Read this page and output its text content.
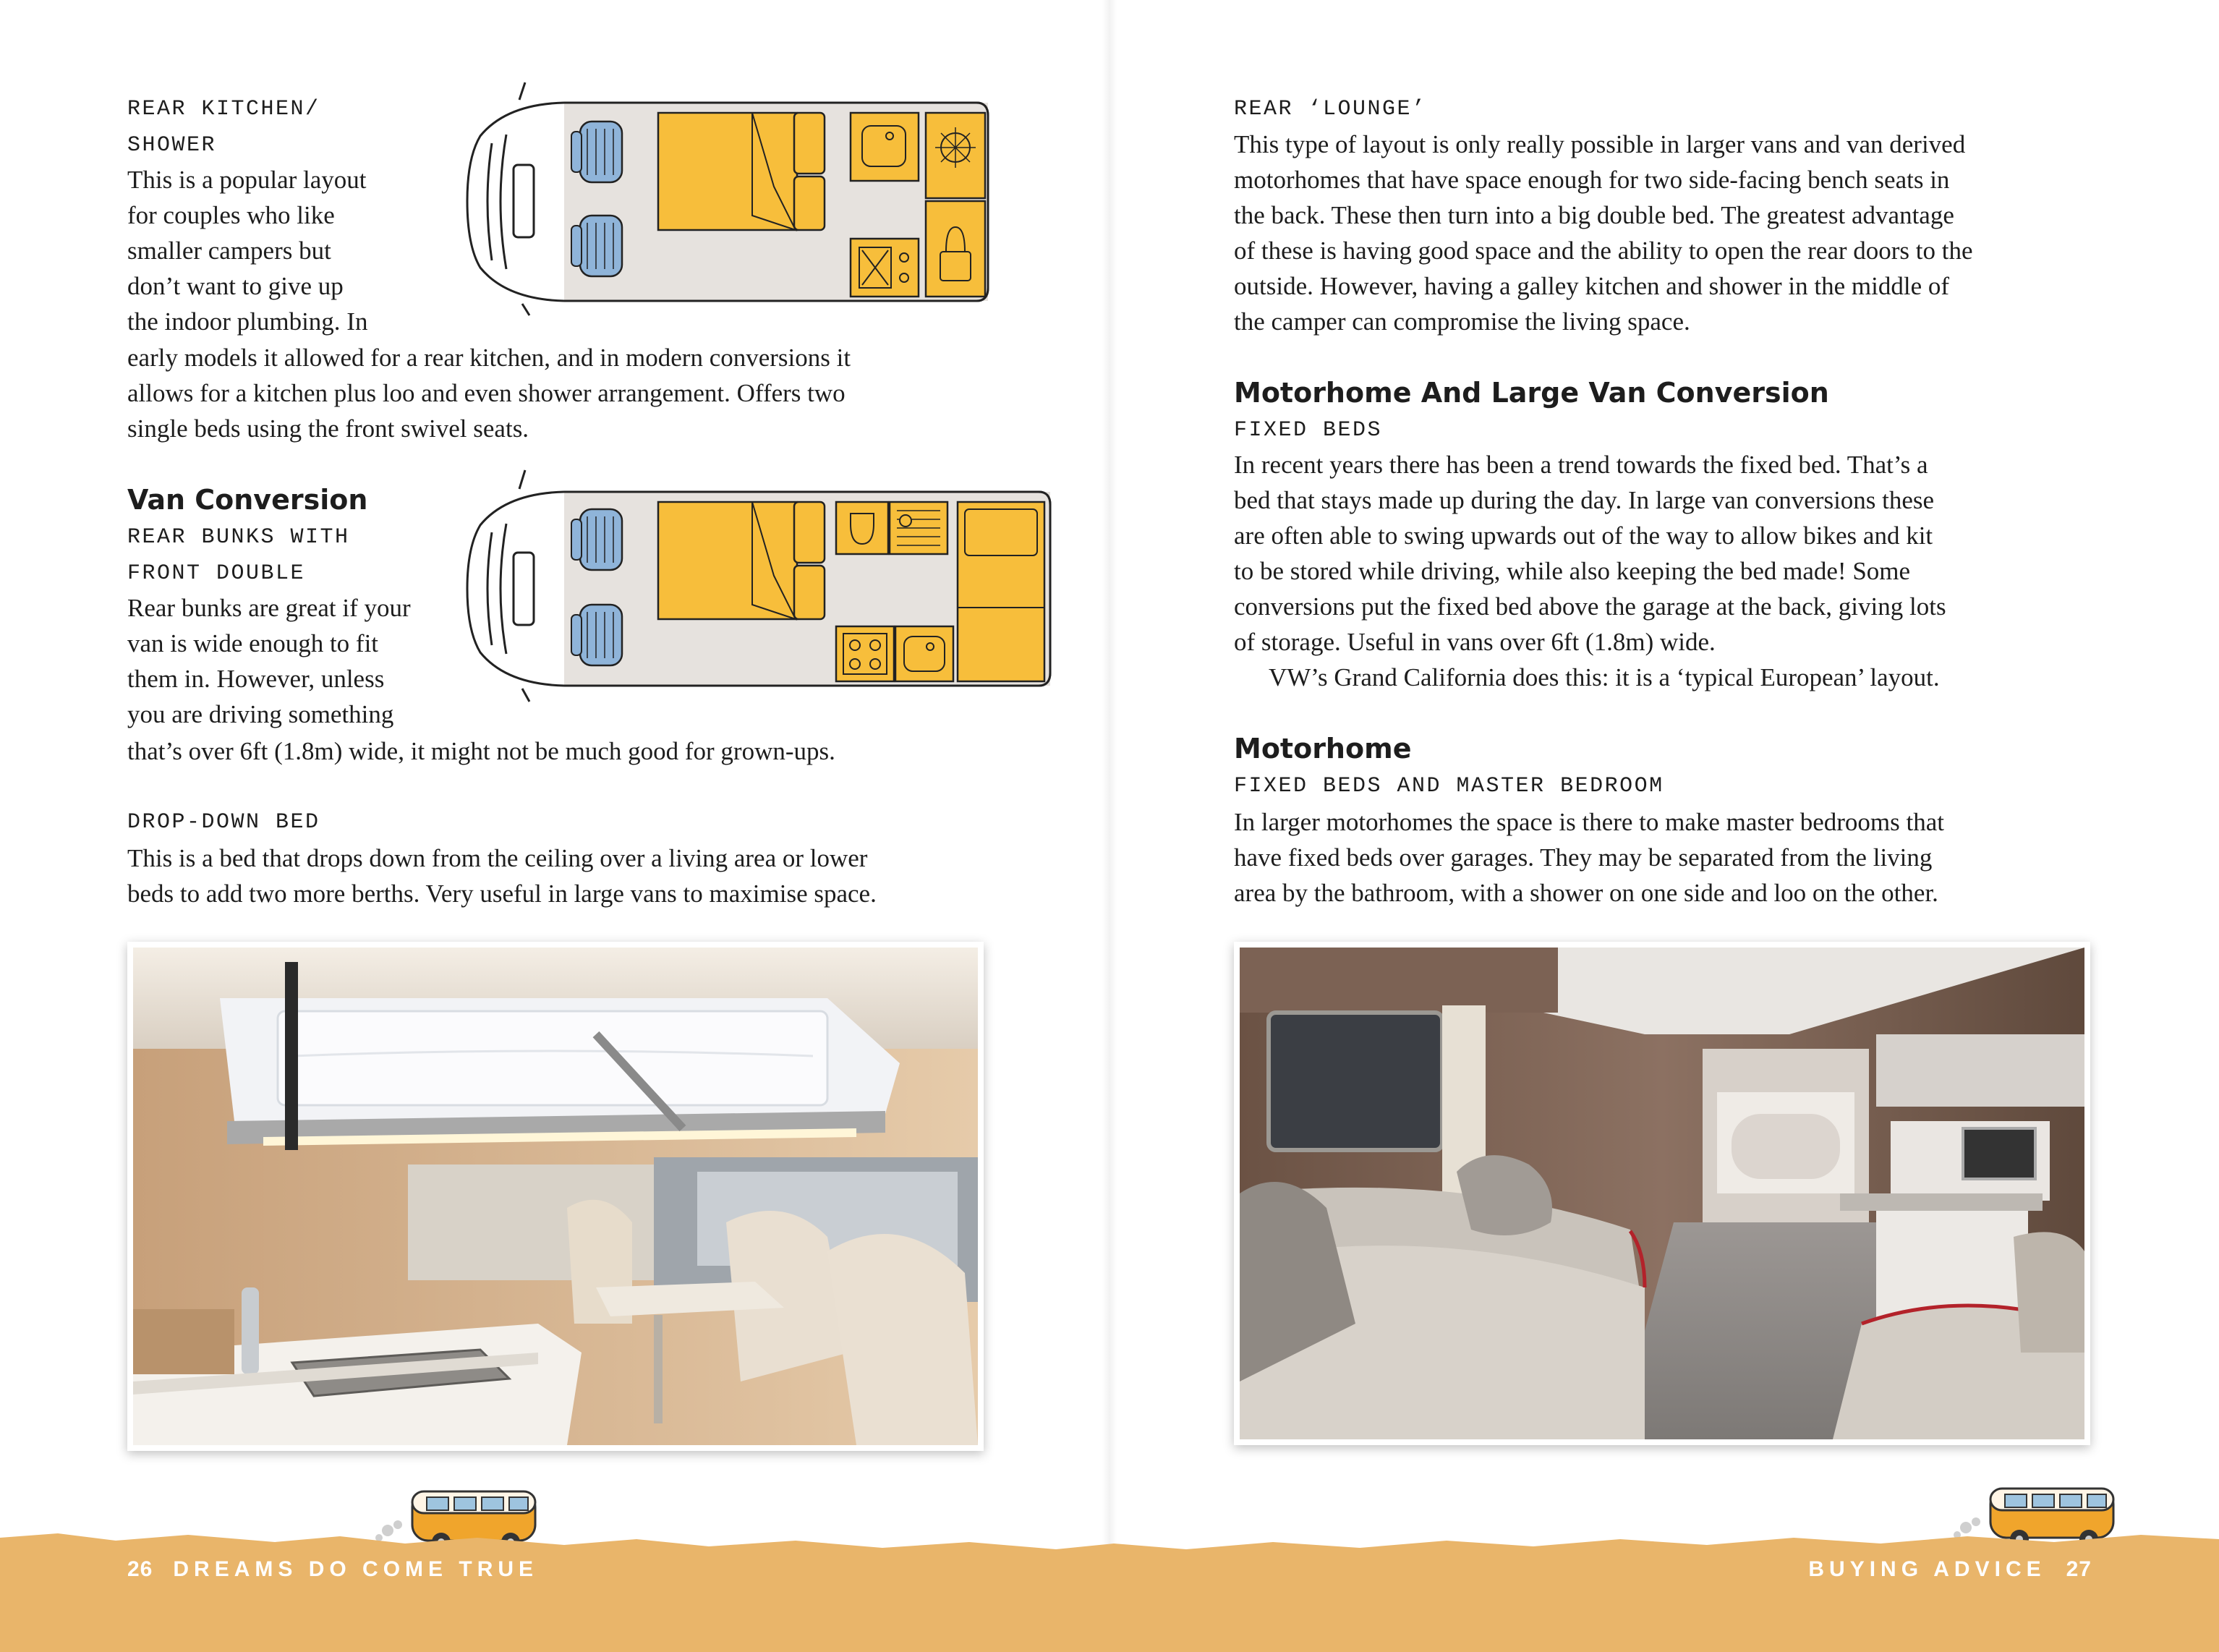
REAR KITCHEN/
SHOWER
This is a popular layout
for couples who like
smaller campers but
don’t want to give up
the indoor plumbing. In
early models it allowed for a rear kitchen, and in modern conversions it
allows for a kitchen plus loo and even shower arrangement. Offers two
single beds using the front swivel seats.
Van Conversion
REAR BUNKS WITH
FRONT DOUBLE
Rear bunks are great if your
van is wide enough to fit
them in. However, unless
you are driving something
that’s over 6ft (1.8m) wide, it might not be much good for grown-ups.
DROP-DOWN BED
This is a bed that drops down from the ceiling over a living area or lower
beds to add two more berths. Very useful in large vans to maximise space.
REAR ‘LOUNGE’
This type of layout is only really possible in larger vans and van derived
motorhomes that have space enough for two side-facing bench seats in
the back. These then turn into a big double bed. The greatest advantage
of these is having good space and the ability to open the rear doors to the
outside. However, having a galley kitchen and shower in the middle of
the camper can compromise the living space.
Motorhome And Large Van Conversion
FIXED BEDS
In recent years there has been a trend towards the fixed bed. That’s a
bed that stays made up during the day. In large van conversions these
are often able to swing upwards out of the way to allow bikes and kit
to be stored while driving, while also keeping the bed made! Some
conversions put the fixed bed above the garage at the back, giving lots
of storage. Useful in vans over 6ft (1.8m) wide.
VW’s Grand California does this: it is a ‘typical European’ layout.
Motorhome
FIXED BEDS AND MASTER BEDROOM
In larger motorhomes the space is there to make master bedrooms that
have fixed beds over garages. They may be separated from the living
area by the bathroom, with a shower on one side and loo on the other.
26 DREAMS DO COME TRUE	BUYING ADVICE 27
